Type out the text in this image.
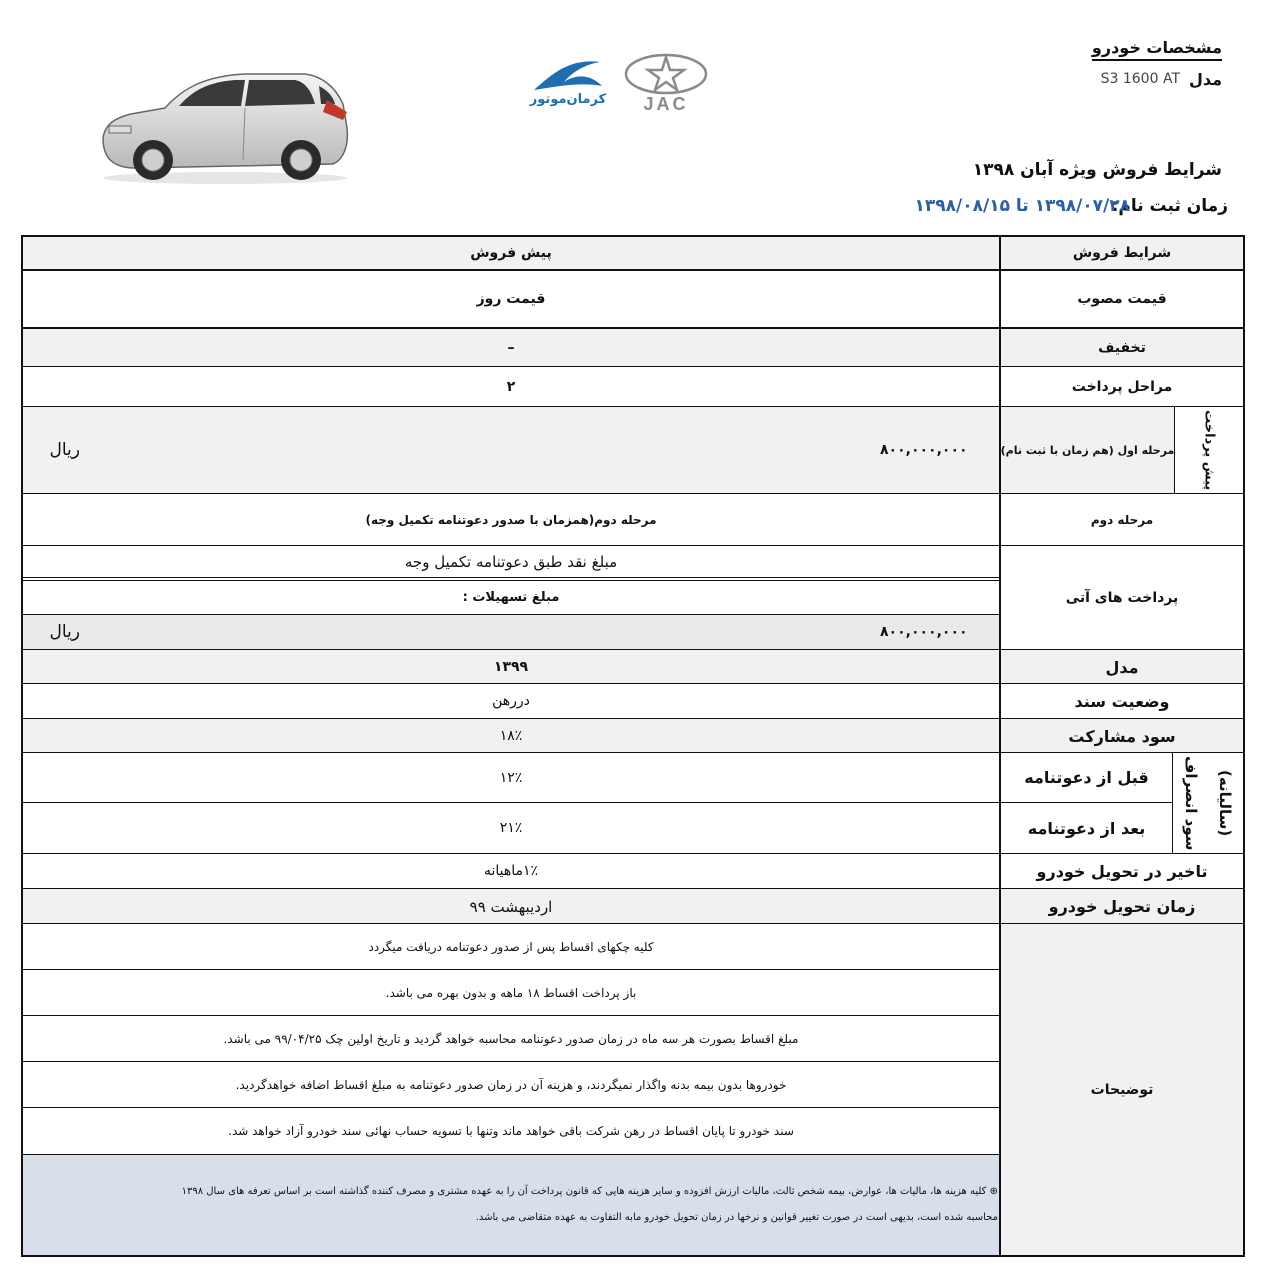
مشخصات خودرو
مدل
S3 1600 AT
شرایط فروش ویژه آبان ۱۳۹۸
زمان ثبت نام:
۱۳۹۸/۰۷/۲۸ تا ۱۳۹۸/۰۸/۱۵
JAC
کرمان‌موتور
شرایط فروش
پیش فروش
قیمت مصوب
قیمت روز
تخفیف
–
مراحل پرداخت
۲
پیش پرداخت
مرحله اول (هم زمان با ثبت نام)
۸۰۰,۰۰۰,۰۰۰
ریال
مرحله دوم
مرحله دوم(همزمان با صدور دعوتنامه تکمیل وجه)
پرداخت های آتی
مبلغ نقد طبق دعوتنامه تکمیل وجه
مبلغ تسهیلات :
۸۰۰,۰۰۰,۰۰۰
ریال
مدل
۱۳۹۹
وضعیت سند
دررهن
سود مشارکت
۱۸٪
سود انصراف	(سالیانه)
قبل از دعوتنامه
۱۲٪
بعد از دعوتنامه
۲۱٪
تاخیر در تحویل خودرو
۱٪ماهیانه
زمان تحویل خودرو
اردیبهشت ۹۹
توضیحات
کلیه چکهای اقساط پس از صدور دعوتنامه دریافت میگردد
باز پرداخت اقساط ۱۸ ماهه و بدون بهره می باشد.
مبلغ اقساط بصورت هر سه ماه در زمان صدور دعوتنامه محاسبه خواهد گردید و تاریخ اولین چک ۹۹/۰۴/۲۵ می باشد.
خودروها بدون بیمه بدنه واگذار نمیگردند، و هزینه آن در زمان صدور دعوتنامه به مبلغ اقساط اضافه خواهدگردید.
سند خودرو تا پایان اقساط در رهن شرکت باقی خواهد ماند وتنها با تسویه حساب نهائی سند خودرو آزاد خواهد شد.
⊕ کلیه هزینه ها، مالیات ها، عوارض، بیمه شخص ثالث، مالیات ارزش افزوده و سایر هزینه هایی که قانون پرداخت آن را به عهده مشتری و مصرف کننده گذاشته است بر اساس تعرفه های سال ۱۳۹۸
محاسبه شده است، بدیهی است در صورت تغییر قوانین و نرخها در زمان تحویل خودرو مابه التفاوت به عهده متقاضی می باشد.
